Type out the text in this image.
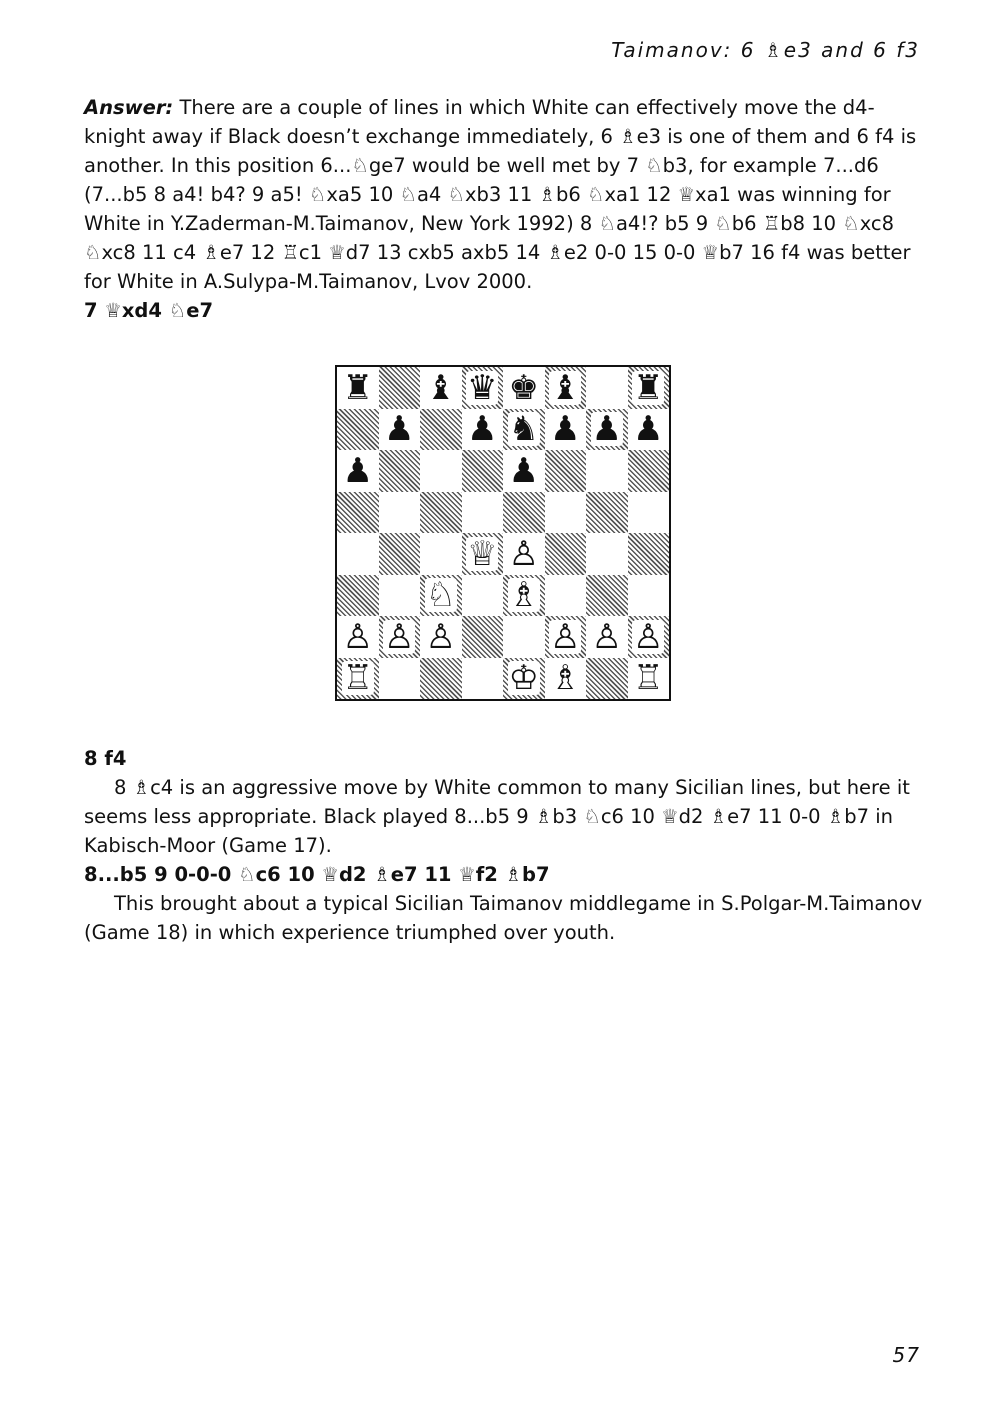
Taimanov: 6 ♗e3 and 6 f3

Answer: There are a couple of lines in which White can effectively move the d4-knight away if Black doesn’t exchange immediately, 6 ♗e3 is one of them and 6 f4 is another. In this position 6...♘ge7 would be well met by 7 ♘b3, for example 7...d6 (7...b5 8 a4! b4? 9 a5! ♘xa5 10 ♘a4 ♘xb3 11 ♗b6 ♘xa1 12 ♕xa1 was winning for White in Y.Zaderman-M.Taimanov, New York 1992) 8 ♘a4!? b5 9 ♘b6 ♖b8 10 ♘xc8 ♘xc8 11 c4 ♗e7 12 ♖c1 ♕d7 13 cxb5 axb5 14 ♗e2 0-0 15 0-0 ♕b7 16 f4 was better for White in A.Sulypa-M.Taimanov, Lvov 2000.

7 ♕xd4 ♘e7

♜ ♝ ♛ ♚ ♝ ♜
♟ ♟ ♞ ♟ ♟ ♟
♟	♟
♕ ♙
♘ ♗
♙ ♙ ♙	♙ ♙ ♙
♖	♔ ♗ ♖

8 f4

8 ♗c4 is an aggressive move by White common to many Sicilian lines, but here it seems less appropriate. Black played 8...b5 9 ♗b3 ♘c6 10 ♕d2 ♗e7 11 0-0 ♗b7 in Kabisch-Moor (Game 17).

8...b5 9 0-0-0 ♘c6 10 ♕d2 ♗e7 11 ♕f2 ♗b7

This brought about a typical Sicilian Taimanov middlegame in S.Polgar-M.Taimanov (Game 18) in which experience triumphed over youth.

57
